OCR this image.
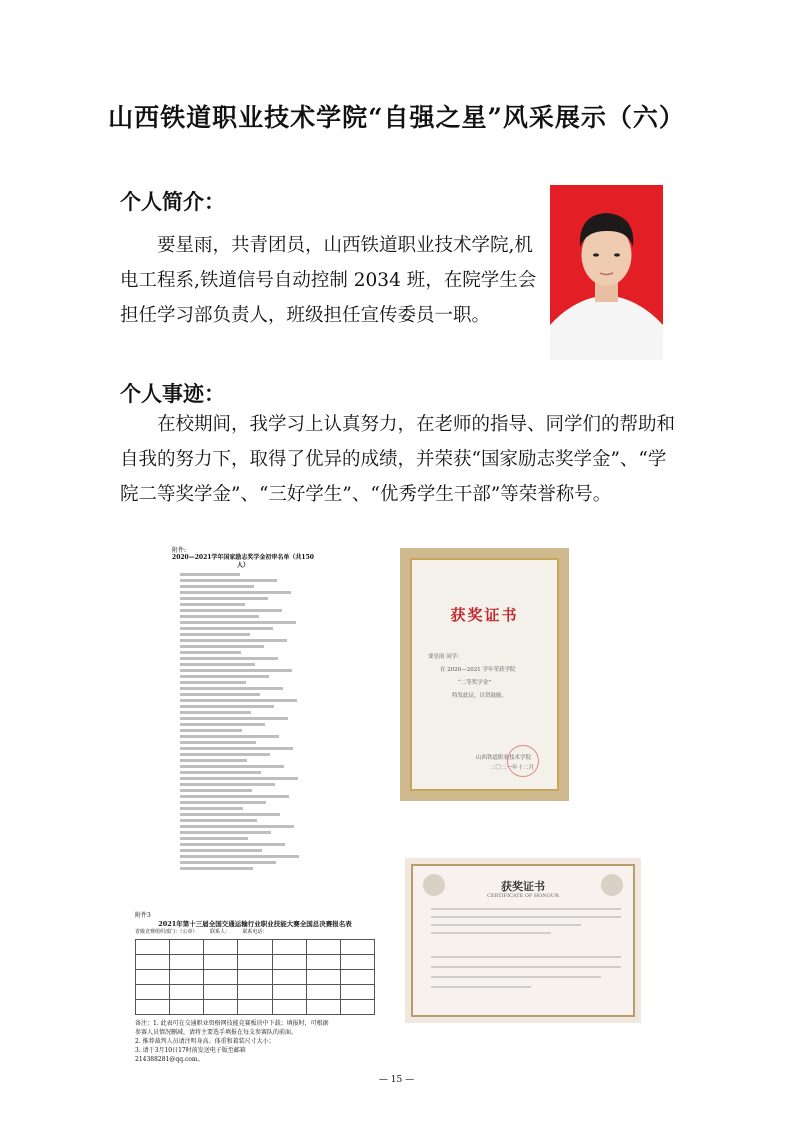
山西铁道职业技术学院“自强之星”风采展示（六）
个人简介：

要星雨，共青团员，山西铁道职业技术学院,机

电工程系,铁道信号自动控制 2034 班，在院学生会

担任学习部负责人，班级担任宣传委员一职。

个人事迹：

在校期间，我学习上认真努力，在老师的指导、同学们的帮助和

自我的努力下，取得了优异的成绩，并荣获“国家励志奖学金”、“学

院二等奖学金”、“三好学生”、“优秀学生干部”等荣誉称号。

附件:
2020—2021学年国家励志奖学金初审名单（共150人）
获奖证书
要星雨 同学：
在 2020—2021 学年荣获学院
“二等奖学金”
特发此证，以资鼓励。
山西铁道职业技术学院
二〇二一年十二月
附件3
2021年第十三届全国交通运输行业职业技能大赛全国总决赛报名表
省级竞赛组织部门：（公章）　　　联系人：　　　联系电话：

备注：1. 此表可在交通职业资格网技能竞赛板块中下载；填报时，可根据
参赛人员情况删减，请将主要选手填报在每支参赛队的前面。
2. 推荐裁判人员请注明身高、体重和着装尺寸大小；
3. 请于3月10日17时前发送电子版至邮箱
214388281@qq.com。
获奖证书
CERTIFICATE OF HONOUR
— 15 —
